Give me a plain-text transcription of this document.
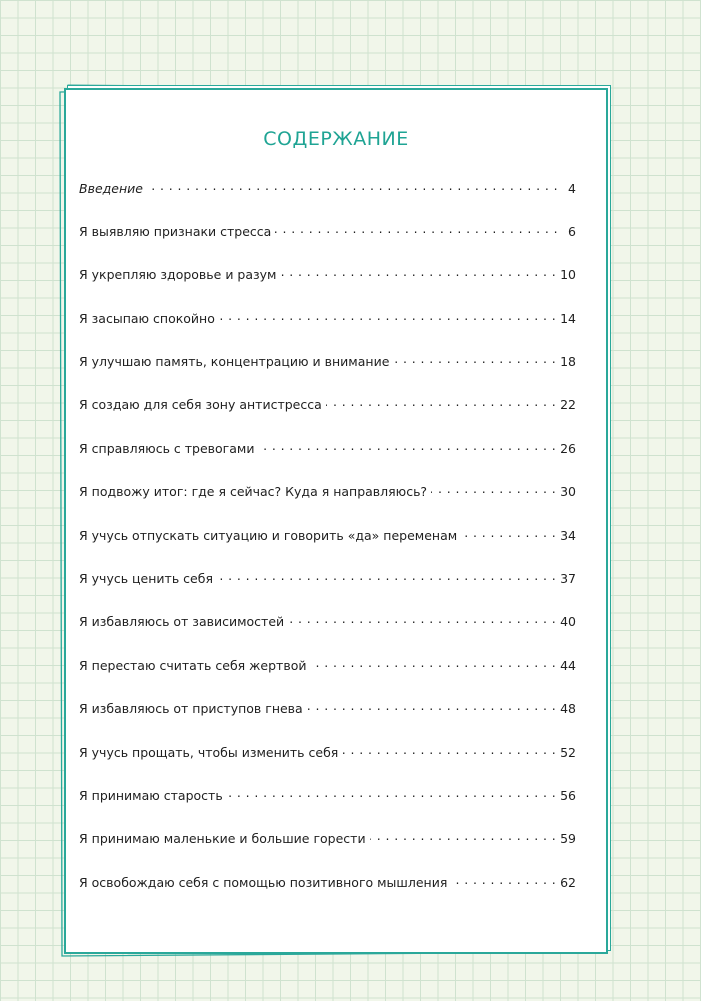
СОДЕРЖАНИЕ
Введение . . .	4
Я выявляю признаки стресса . . .	6
Я укрепляю здоровье и разум . . .	10
Я засыпаю спокойно . . .	14
Я улучшаю память, концентрацию и внимание . . .	18
Я создаю для себя зону антистресса . . .	22
Я справляюсь с тревогами . . .	26
Я подвожу итог: где я сейчас? Куда я направляюсь? . . .	30
Я учусь отпускать ситуацию и говорить «да» переменам . . .	34
Я учусь ценить себя . . .	37
Я избавляюсь от зависимостей . . .	40
Я перестаю считать себя жертвой . . .	44
Я избавляюсь от приступов гнева . . .	48
Я учусь прощать, чтобы изменить себя . . .	52
Я принимаю старость . . .	56
Я принимаю маленькие и большие горести . . .	59
Я освобождаю себя с помощью позитивного мышления . . .	62
